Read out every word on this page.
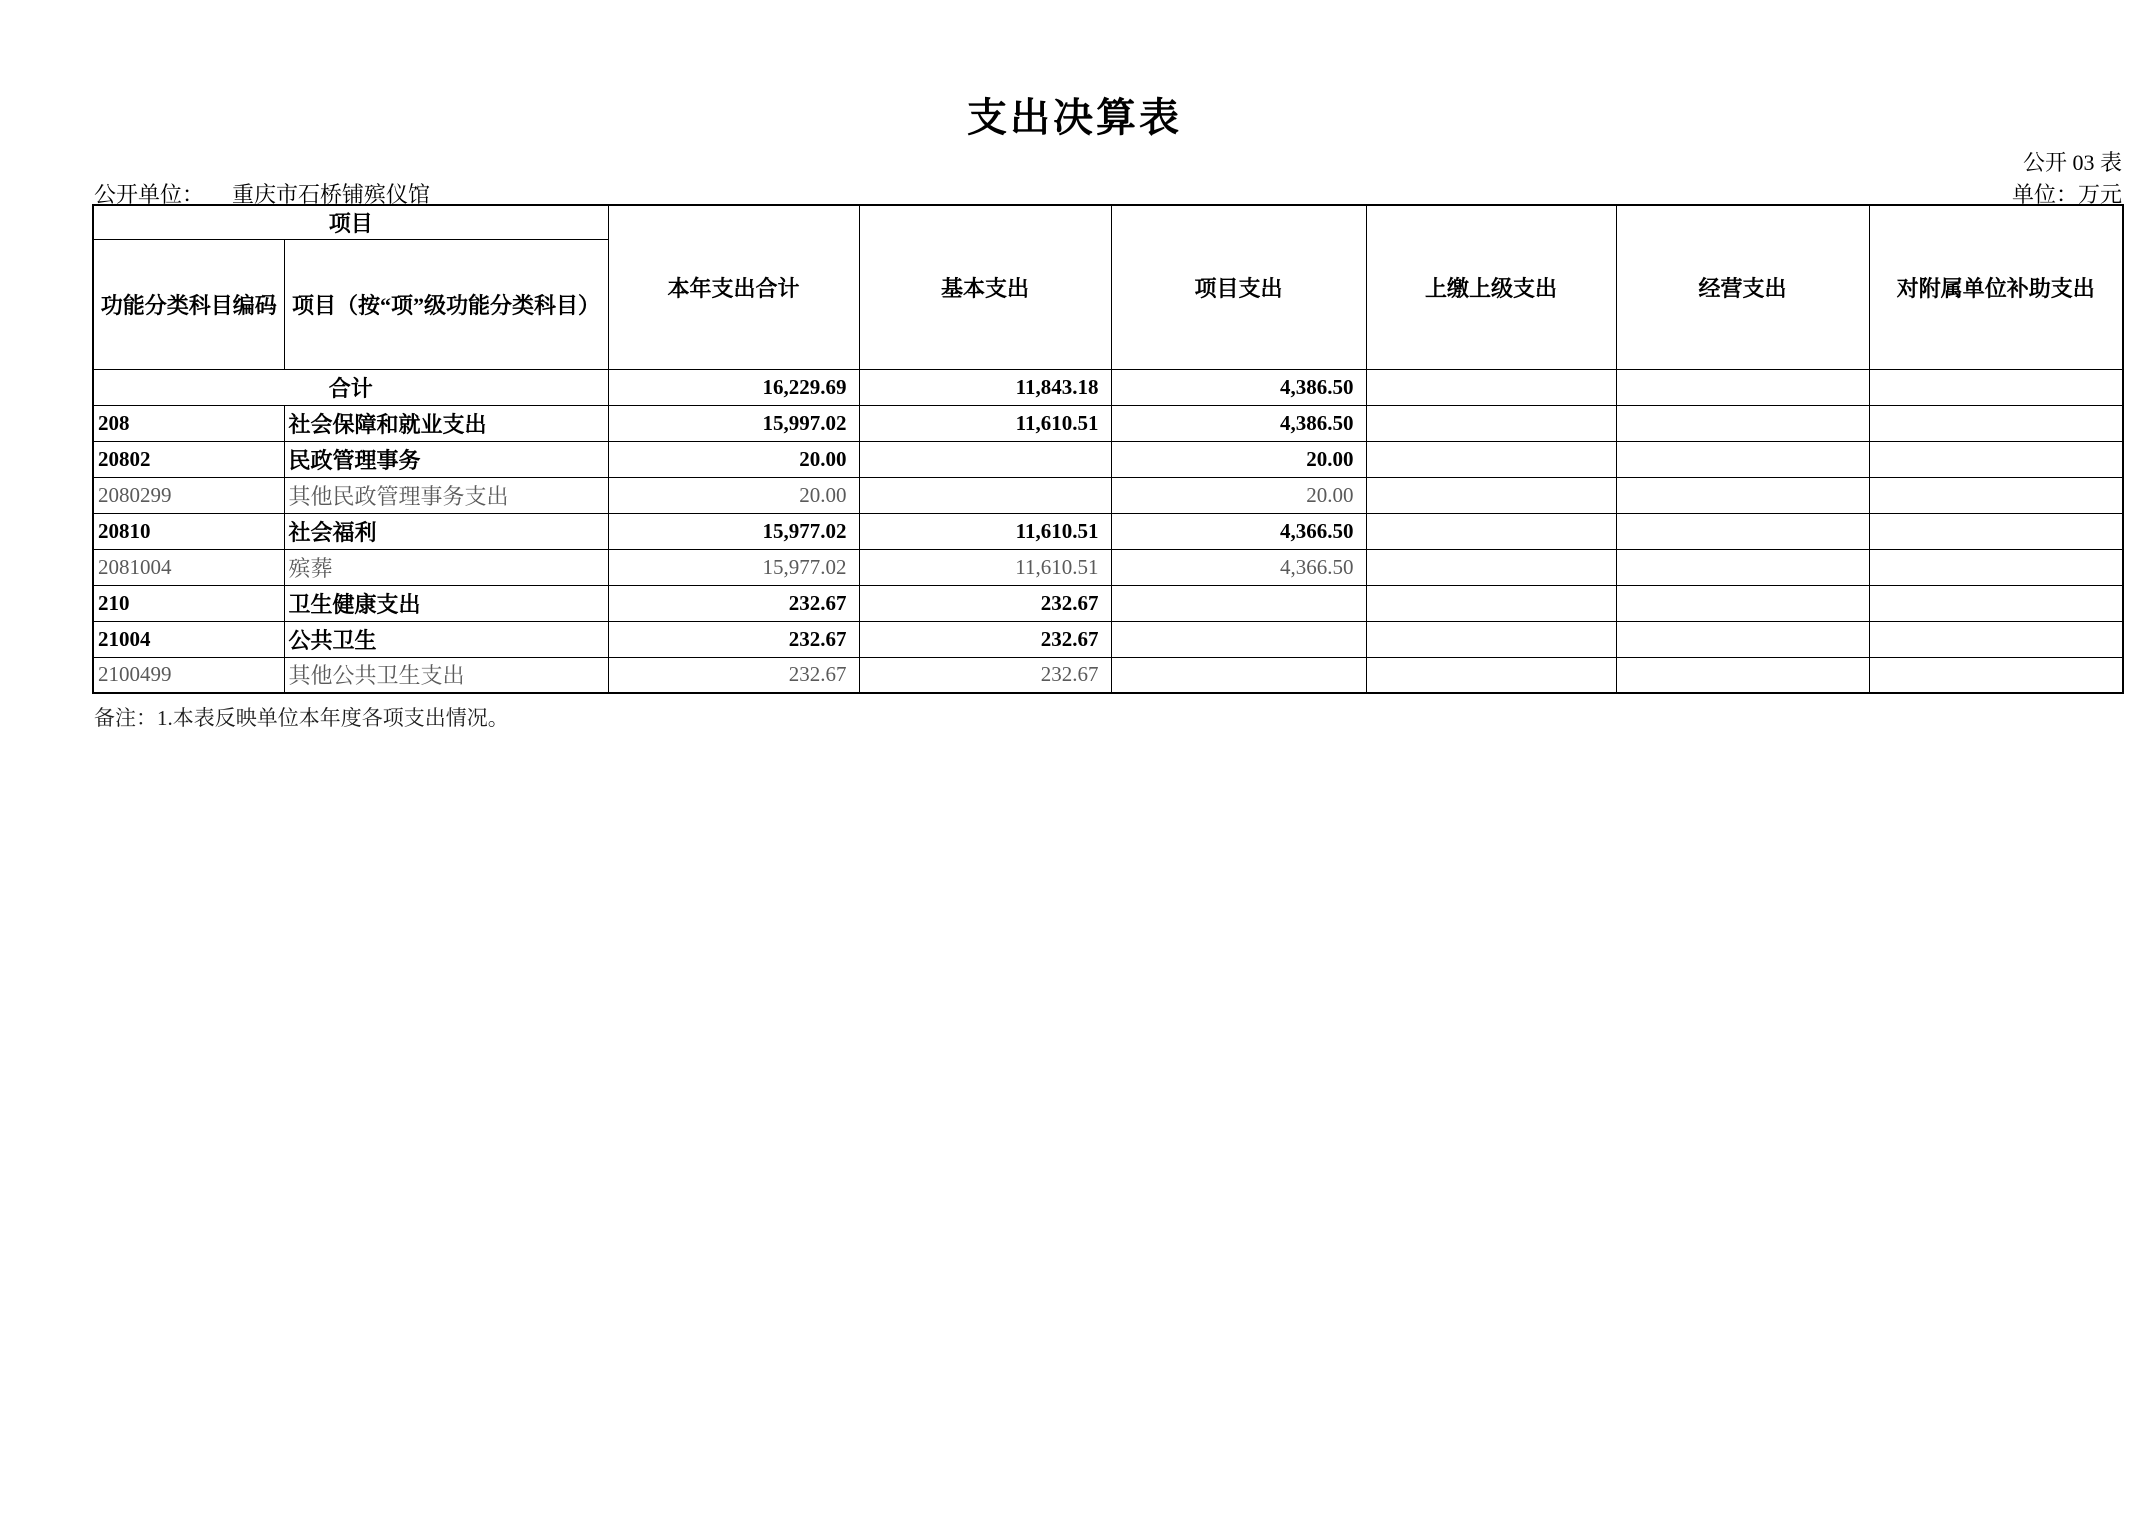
支出决算表
公开 03 表
公开单位： 重庆市石桥铺殡仪馆	单位：万元
项目		本年支出合计	基本支出	项目支出	上缴上级支出	经营支出	对附属单位补助支出
功能分类科目编码	项目（按“项”级功能分类科目）						
合计		16,229.69	11,843.18	4,386.50			
208	社会保障和就业支出	15,997.02	11,610.51	4,386.50			
20802	民政管理事务	20.00		20.00			
2080299	其他民政管理事务支出	20.00		20.00			
20810	社会福利	15,977.02	11,610.51	4,366.50			
2081004	殡葬	15,977.02	11,610.51	4,366.50			
210	卫生健康支出	232.67	232.67				
21004	公共卫生	232.67	232.67				
2100499	其他公共卫生支出	232.67	232.67				
备注：1.本表反映单位本年度各项支出情况。
